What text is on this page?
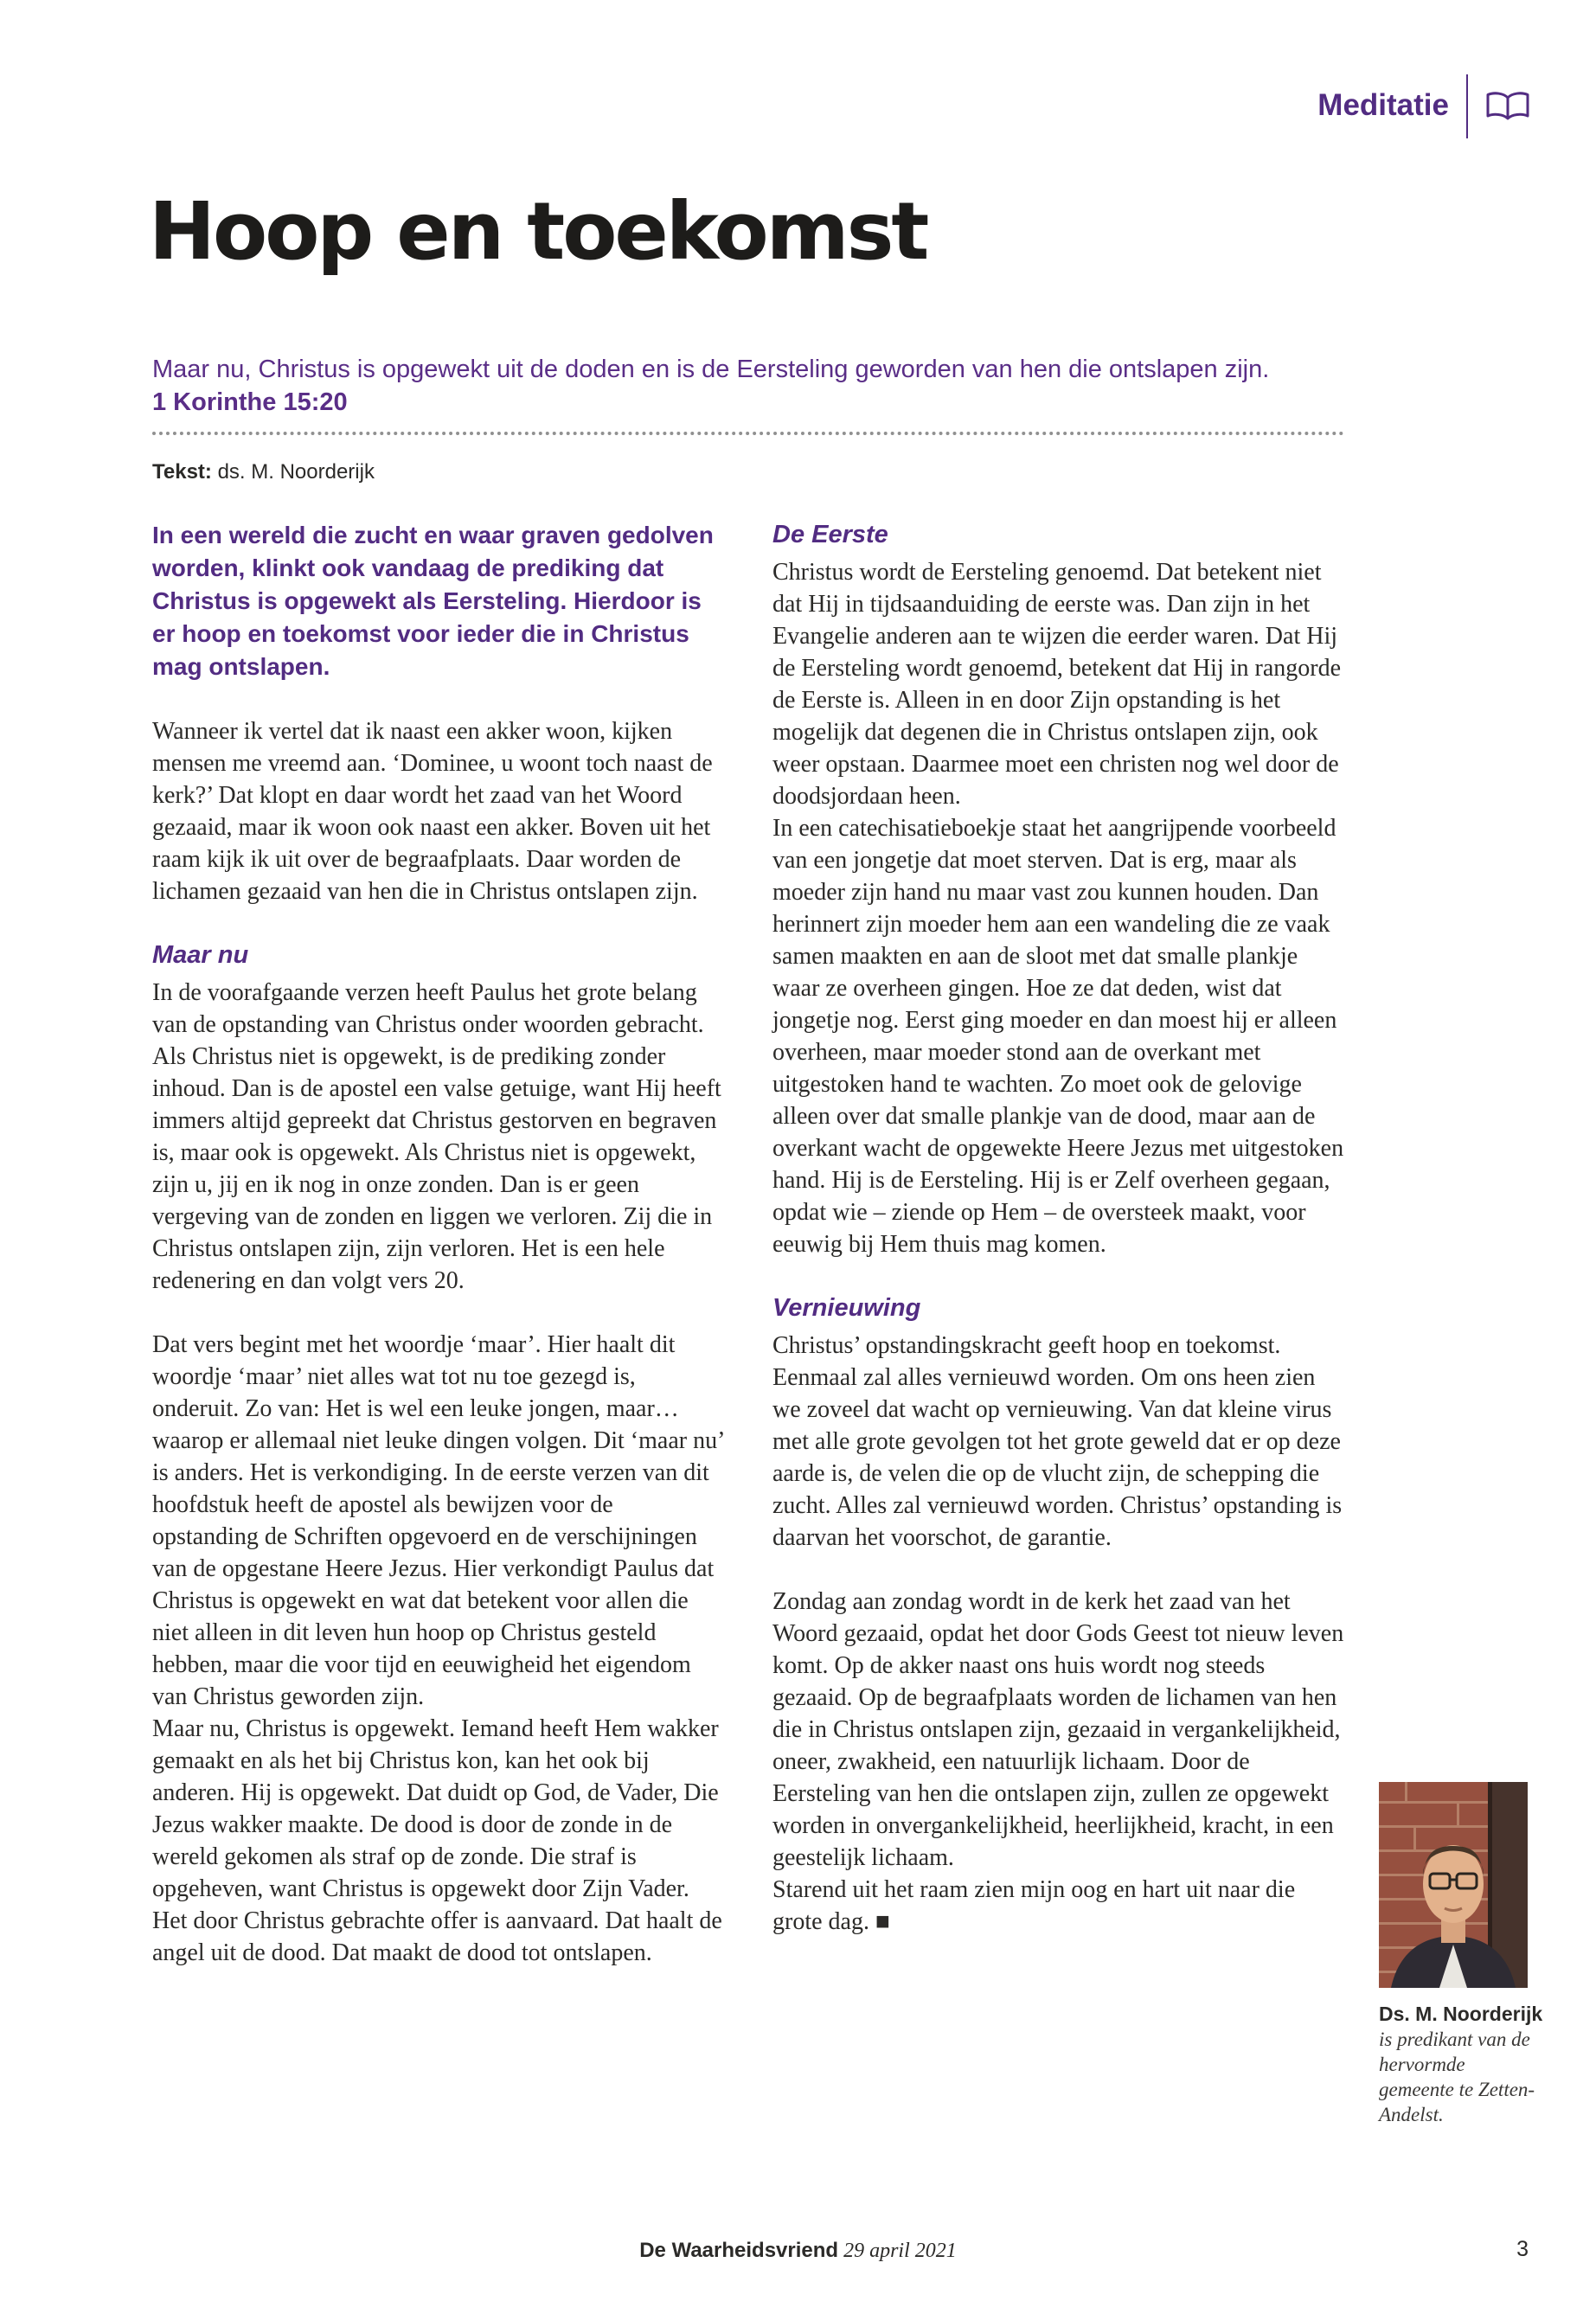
Meditatie
Hoop en toekomst
Maar nu, Christus is opgewekt uit de doden en is de Eersteling geworden van hen die ontslapen zijn.
1 Korinthe 15:20
Tekst: ds. M. Noorderijk
In een wereld die zucht en waar graven gedolven worden, klinkt ook vandaag de prediking dat Christus is opgewekt als Eersteling. Hierdoor is er hoop en toekomst voor ieder die in Christus mag ontslapen.

Wanneer ik vertel dat ik naast een akker woon, kijken mensen me vreemd aan. ‘Dominee, u woont toch naast de kerk?’ Dat klopt en daar wordt het zaad van het Woord gezaaid, maar ik woon ook naast een akker. Boven uit het raam kijk ik uit over de begraafplaats. Daar worden de lichamen gezaaid van hen die in Christus ontslapen zijn.

Maar nu

In de voorafgaande verzen heeft Paulus het grote belang van de opstanding van Christus onder woorden gebracht. Als Christus niet is opgewekt, is de prediking zonder inhoud. Dan is de apostel een valse getuige, want Hij heeft immers altijd gepreekt dat Christus gestorven en begraven is, maar ook is opgewekt. Als Christus niet is opgewekt, zijn u, jij en ik nog in onze zonden. Dan is er geen vergeving van de zonden en liggen we verloren. Zij die in Christus ontslapen zijn, zijn verloren. Het is een hele redenering en dan volgt vers 20.

Dat vers begint met het woordje ‘maar’. Hier haalt dit woordje ‘maar’ niet alles wat tot nu toe gezegd is, onderuit. Zo van: Het is wel een leuke jongen, maar… waarop er allemaal niet leuke dingen volgen. Dit ‘maar nu’ is anders. Het is verkondiging. In de eerste verzen van dit hoofdstuk heeft de apostel als bewijzen voor de opstanding de Schriften opgevoerd en de verschijningen van de opgestane Heere Jezus. Hier verkondigt Paulus dat Christus is opgewekt en wat dat betekent voor allen die niet alleen in dit leven hun hoop op Christus gesteld hebben, maar die voor tijd en eeuwigheid het eigendom van Christus geworden zijn.

Maar nu, Christus is opgewekt. Iemand heeft Hem wakker gemaakt en als het bij Christus kon, kan het ook bij anderen. Hij is opgewekt. Dat duidt op God, de Vader, Die Jezus wakker maakte. De dood is door de zonde in de wereld gekomen als straf op de zonde. Die straf is opgeheven, want Christus is opgewekt door Zijn Vader. Het door Christus gebrachte offer is aanvaard. Dat haalt de angel uit de dood. Dat maakt de dood tot ontslapen.

De Eerste

Christus wordt de Eersteling genoemd. Dat betekent niet dat Hij in tijdsaanduiding de eerste was. Dan zijn in het Evangelie anderen aan te wijzen die eerder waren. Dat Hij de Eersteling wordt genoemd, betekent dat Hij in rangorde de Eerste is. Alleen in en door Zijn opstanding is het mogelijk dat degenen die in Christus ontslapen zijn, ook weer opstaan. Daarmee moet een christen nog wel door de doodsjordaan heen.

In een catechisatieboekje staat het aangrijpende voorbeeld van een jongetje dat moet sterven. Dat is erg, maar als moeder zijn hand nu maar vast zou kunnen houden. Dan herinnert zijn moeder hem aan een wandeling die ze vaak samen maakten en aan de sloot met dat smalle plankje waar ze overheen gingen. Hoe ze dat deden, wist dat jongetje nog. Eerst ging moeder en dan moest hij er alleen overheen, maar moeder stond aan de overkant met uitgestoken hand te wachten. Zo moet ook de gelovige alleen over dat smalle plankje van de dood, maar aan de overkant wacht de opgewekte Heere Jezus met uitgestoken hand. Hij is de Eersteling. Hij is er Zelf overheen gegaan, opdat wie – ziende op Hem – de oversteek maakt, voor eeuwig bij Hem thuis mag komen.

Vernieuwing

Christus’ opstandingskracht geeft hoop en toekomst. Eenmaal zal alles vernieuwd worden. Om ons heen zien we zoveel dat wacht op vernieuwing. Van dat kleine virus met alle grote gevolgen tot het grote geweld dat er op deze aarde is, de velen die op de vlucht zijn, de schepping die zucht. Alles zal vernieuwd worden. Christus’ opstanding is daarvan het voorschot, de garantie.

Zondag aan zondag wordt in de kerk het zaad van het Woord gezaaid, opdat het door Gods Geest tot nieuw leven komt. Op de akker naast ons huis wordt nog steeds gezaaid. Op de begraafplaats worden de lichamen van hen die in Christus ontslapen zijn, gezaaid in vergankelijkheid, oneer, zwakheid, een natuurlijk lichaam. Door de Eersteling van hen die ontslapen zijn, zullen ze opgewekt worden in onvergankelijkheid, heerlijkheid, kracht, in een geestelijk lichaam.

Starend uit het raam zien mijn oog en hart uit naar die grote dag. ■

Ds. M. Noorderijk
is predikant van de hervormde gemeente te Zetten-Andelst.
De Waarheidsvriend 29 april 2021	3
